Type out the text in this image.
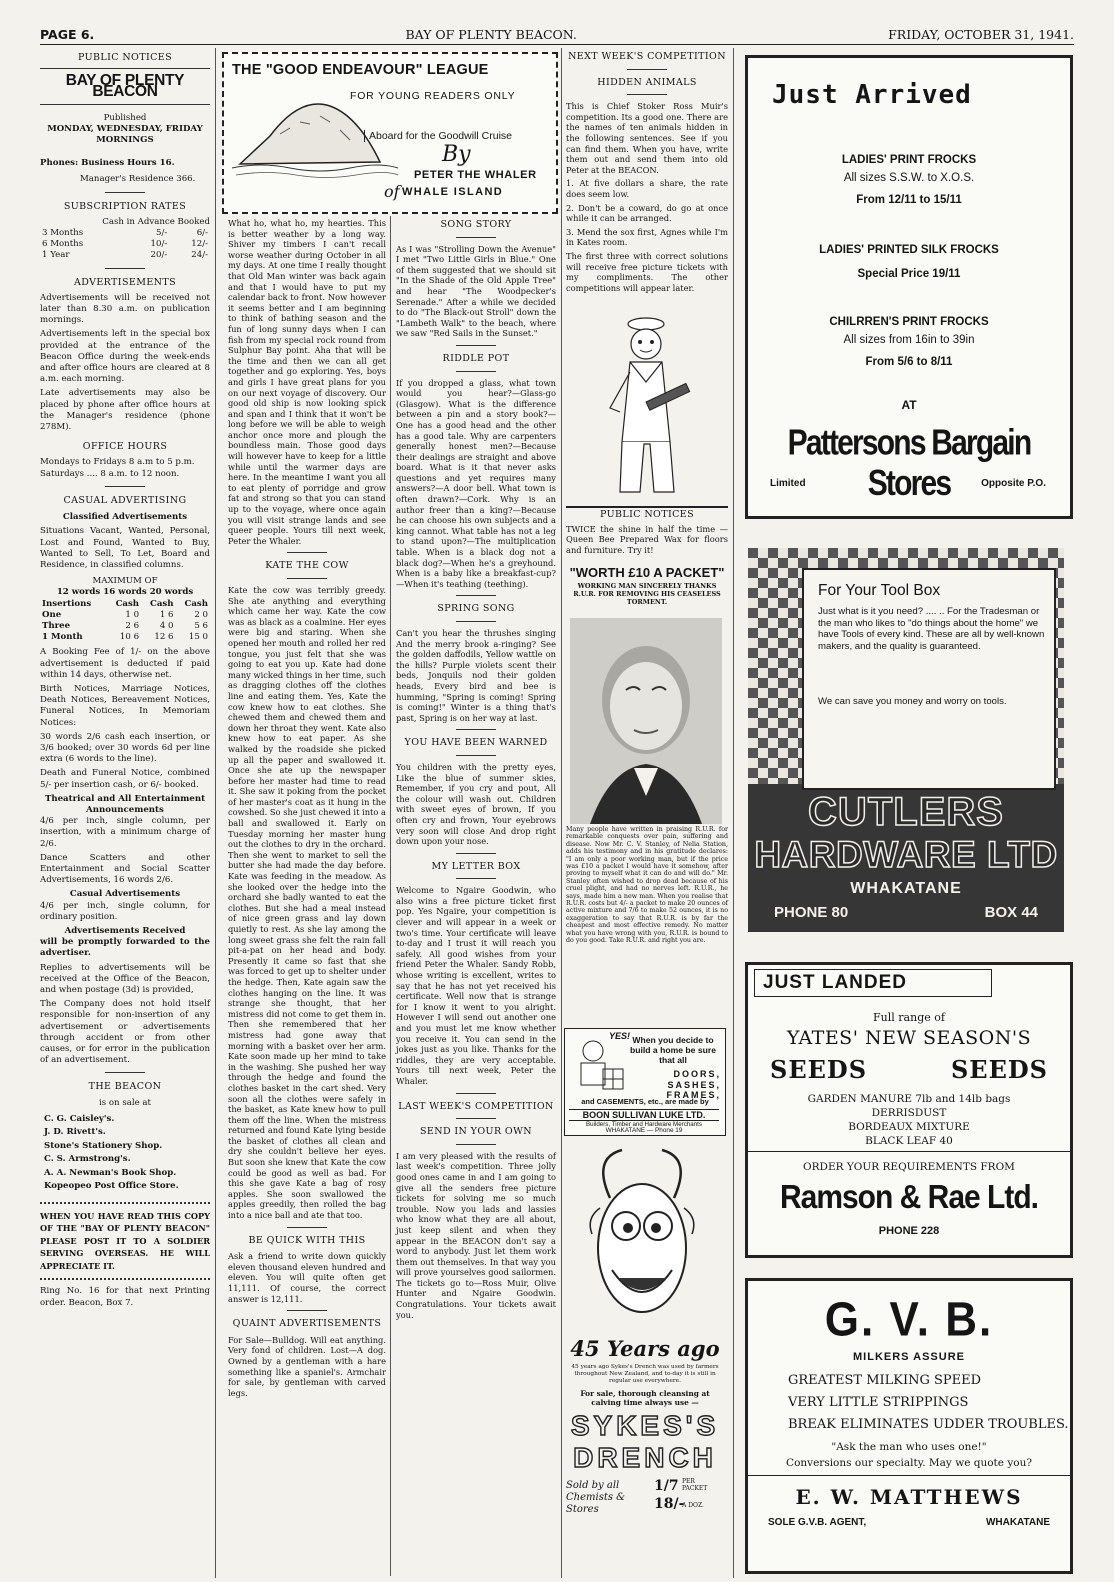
PAGE 6.	BAY OF PLENTY BEACON.	FRIDAY, OCTOBER 31, 1941.
PUBLIC NOTICES
BAY OF PLENTY BEACON
Published
MONDAY, WEDNESDAY, FRIDAY
MORNINGS
Phones: Business Hours 16.
Manager's Residence 366.
SUBSCRIPTION RATES
Cash in Advance Booked
3 Months	5/-	6/-
6 Months	10/-	12/-
1 Year	20/-	24/-
ADVERTISEMENTS

Advertisements will be received not later than 8.30 a.m. on publication mornings.

Advertisements left in the special box provided at the entrance of the Beacon Office during the week-ends and after office hours are cleared at 8 a.m. each morning.

Late advertisements may also be placed by phone after office hours at the Manager's residence (phone 278M).

OFFICE HOURS
Mondays to Fridays 8 a.m to 5 p.m.
Saturdays .... 8 a.m. to 12 noon.
CASUAL ADVERTISING
Classified Advertisements

Situations Vacant, Wanted, Personal, Lost and Found, Wanted to Buy, Wanted to Sell, To Let, Board and Residence, in classified columns.

MAXIMUM OF
12 words 16 words 20 words
Insertions	Cash	Cash	Cash
One	1 0	1 6	2 0
Three	2 6	4 0	5 6
1 Month	10 6	12 6	15 0

A Booking Fee of 1/- on the above advertisement is deducted if paid within 14 days, otherwise net.

Birth Notices, Marriage Notices, Death Notices, Bereavement Notices, Funeral Notices, In Memoriam Notices:

30 words 2/6 cash each insertion, or 3/6 booked; over 30 words 6d per line extra (6 words to the line).

Death and Funeral Notice, combined 5/- per insertion cash, or 6/- booked.

Theatrical and All Entertainment Announcements

4/6 per inch, single column, per insertion, with a minimum charge of 2/6.

Dance Scatters and other Entertainment and Social Scatter Advertisements, 16 words 2/6.

Casual Advertisements

4/6 per inch, single column, for ordinary position.

Advertisements Received

will be promptly forwarded to the advertiser.

Replies to advertisements will be received at the Office of the Beacon, and when postage (3d) is provided,

The Company does not hold itself responsible for non-insertion of any advertisement or advertisements through accident or from other causes, or for error in the publication of an advertisement.

THE BEACON
is on sale at
C. G. Caisley's.
J. D. Rivett's.
Stone's Stationery Shop.
C. S. Armstrong's.
A. A. Newman's Book Shop.
Kopeopeo Post Office Store.

WHEN YOU HAVE READ THIS COPY OF THE "BAY OF PLENTY BEACON" PLEASE POST IT TO A SOLDIER SERVING OVERSEAS. HE WILL APPRECIATE IT.

Ring No. 16 for that next Printing order. Beacon, Box 7.

THE "GOOD ENDEAVOUR" LEAGUE
FOR YOUNG READERS ONLY
Aboard for the Goodwill Cruise
By
PETER THE WHALER
of WHALE ISLAND

What ho, what ho, my hearties. This is better weather by a long way. Shiver my timbers I can't recall worse weather during October in all my days. At one time I really thought that Old Man winter was back again and that I would have to put my calendar back to front. Now however it seems better and I am beginning to think of bathing season and the fun of long sunny days when I can fish from my special rock round from Sulphur Bay point. Aha that will be the time and then we can all get together and go exploring. Yes, boys and girls I have great plans for you on our next voyage of discovery. Our good old ship is now looking spick and span and I think that it won't be long before we will be able to weigh anchor once more and plough the boundless main. Those good days will however have to keep for a little while until the warmer days are here. In the meantime I want you all to eat plenty of porridge and grow fat and strong so that you can stand up to the voyage, where once again you will visit strange lands and see queer people. Yours till next week, Peter the Whaler.

KATE THE COW

Kate the cow was terribly greedy. She ate anything and everything which came her way. Kate the cow was as black as a coalmine. Her eyes were big and staring. When she opened her mouth and rolled her red tongue, you just felt that she was going to eat you up. Kate had done many wicked things in her time, such as dragging clothes off the clothes line and eating them. Yes, Kate the cow knew how to eat clothes. She chewed them and chewed them and down her throat they went. Kate also knew how to eat paper. As she walked by the roadside she picked up all the paper and swallowed it. Once she ate up the newspaper before her master had time to read it. She saw it poking from the pocket of her master's coat as it hung in the cowshed. So she just chewed it into a ball and swallowed it. Early on Tuesday morning her master hung out the clothes to dry in the orchard. Then she went to market to sell the butter she had made the day before. Kate was feeding in the meadow. As she looked over the hedge into the orchard she badly wanted to eat the clothes. But she had a meal instead of nice green grass and lay down quietly to rest. As she lay among the long sweet grass she felt the rain fall pit-a-pat on her head and body. Presently it came so fast that she was forced to get up to shelter under the hedge. Then, Kate again saw the clothes hanging on the line. It was strange she thought, that her mistress did not come to get them in. Then she remembered that her mistress had gone away that morning with a basket over her arm. Kate soon made up her mind to take in the washing. She pushed her way through the hedge and found the clothes basket in the cart shed. Very soon all the clothes were safely in the basket, as Kate knew how to pull them off the line. When the mistress returned and found Kate lying beside the basket of clothes all clean and dry she couldn't believe her eyes. But soon she knew that Kate the cow could be good as well as bad. For this she gave Kate a bag of rosy apples. She soon swallowed the apples greedily, then rolled the bag into a nice ball and ate that too.

BE QUICK WITH THIS

Ask a friend to write down quickly eleven thousand eleven hundred and eleven. You will quite often get 11,111. Of course, the correct answer is 12,111.

QUAINT ADVERTISEMENTS

For Sale—Bulldog. Will eat anything. Very fond of children. Lost—A dog. Owned by a gentleman with a hare something like a spaniel's. Armchair for sale, by gentleman with carved legs.

SONG STORY

As I was "Strolling Down the Avenue" I met "Two Little Girls in Blue." One of them suggested that we should sit "In the Shade of the Old Apple Tree" and hear "The Woodpecker's Serenade." After a while we decided to do "The Black-out Stroll" down the "Lambeth Walk" to the beach, where we saw "Red Sails in the Sunset."

RIDDLE POT

If you dropped a glass, what town would you hear?—Glass-go (Glasgow). What is the difference between a pin and a story book?—One has a good head and the other has a good tale. Why are carpenters generally honest men?—Because their dealings are straight and above board. What is it that never asks questions and yet requires many answers?—A door bell. What town is often drawn?—Cork. Why is an author freer than a king?—Because he can choose his own subjects and a king cannot. What table has not a leg to stand upon?—The multiplication table. When is a black dog not a black dog?—When he's a greyhound. When is a baby like a breakfast-cup?—When it's teathing (teething).

SPRING SONG

Can't you hear the thrushes singing And the merry brook a-ringing? See the golden daffodils, Yellow wattle on the hills? Purple violets scent their beds, Jonquils nod their golden heads, Every bird and bee is humming, "Spring is coming! Spring is coming!" Winter is a thing that's past, Spring is on her way at last.

YOU HAVE BEEN WARNED

You children with the pretty eyes, Like the blue of summer skies, Remember, if you cry and pout, All the colour will wash out. Children with sweet eyes of brown, If you often cry and frown, Your eyebrows very soon will close And drop right down upon your nose.

MY LETTER BOX

Welcome to Ngaire Goodwin, who also wins a free picture ticket first pop. Yes Ngaire, your competition is clever and will appear in a week or two's time. Your certificate will leave to-day and I trust it will reach you safely. All good wishes from your friend Peter the Whaler. Sandy Robb, whose writing is excellent, writes to say that he has not yet received his certificate. Well now that is strange for I know it went to you alright. However I will send out another one and you must let me know whether you receive it. You can send in the jokes just as you like. Thanks for the riddles, they are very acceptable. Yours till next week, Peter the Whaler.

LAST WEEK'S COMPETITION
SEND IN YOUR OWN

I am very pleased with the results of last week's competition. Three jolly good ones came in and I am going to give all the senders free picture tickets for solving me so much trouble. Now you lads and lassies who know what they are all about, just keep silent and when they appear in the BEACON don't say a word to anybody. Just let them work them out themselves. In that way you will prove yourselves good sailormen. The tickets go to—Ross Muir, Olive Hunter and Ngaire Goodwin. Congratulations. Your tickets await you.

NEXT WEEK'S COMPETITION
HIDDEN ANIMALS

This is Chief Stoker Ross Muir's competition. Its a good one. There are the names of ten animals hidden in the following sentences. See if you can find them. When you have, write them out and send them into old Peter at the BEACON.

1. At five dollars a share, the rate does seem low.

2. Don't be a coward, do go at once while it can be arranged.

3. Mend the sox first, Agnes while I'm in Kates room.

The first three with correct solutions will receive free picture tickets with my compliments. The other competitions will appear later.

PUBLIC NOTICES

TWICE the shine in half the time —Queen Bee Prepared Wax for floors and furniture. Try it!

"WORTH £10 A PACKET"
WORKING MAN SINCERELY THANKS R.U.R. FOR REMOVING HIS CEASELESS TORMENT.

Many people have written in praising R.U.R. for remarkable conquests over pain, suffering and disease. Now Mr. C. V. Stanley, of Nelia Station, adds his testimony and in his gratitude declares: "I am only a poor working man, but if the price was £10 a packet I would have it somehow, after proving to myself what it can do and will do." Mr. Stanley often wished to drop dead because of his cruel plight, and had no nerves left. R.U.R., he says, made him a new man. When you realise that R.U.R. costs but 4/- a packet to make 20 ounces of active mixture and 7/6 to make 52 ounces, it is no exaggeration to say that R.U.R. is by far the cheapest and most effective remedy. No matter what you have wrong with you, R.U.R. is bound to do you good. Take R.U.R. and right you are.

YES! When you decide to build a home be sure that all
DOORS, SASHES, FRAMES,
and CASEMENTS, etc., are made by
BOON SULLIVAN LUKE LTD.
Builders, Timber and Hardware Merchants
WHAKATANE — Phone 19
45 Years ago
45 years ago Sykes's Drench was used by farmers throughout New Zealand, and to-day it is still in regular use everywhere.
For sale, thorough cleansing at calving time always use —
SYKES'S
DRENCH
Sold by all Chemists & Stores
1/7 PER PACKET
18/-
A DOZ.
Just Arrived
LADIES' PRINT FROCKS
All sizes S.S.W. to X.O.S.
From 12/11 to 15/11
LADIES' PRINTED SILK FROCKS
Special Price 19/11
CHILRREN'S PRINT FROCKS
All sizes from 16in to 39in
From 5/6 to 8/11
AT
Pattersons Bargain Stores
Limited	Opposite P.O.
For Your Tool Box
Just what is it you need? .... .. For the Tradesman or the man who likes to "do things about the home" we have Tools of every kind. These are all by well-known makers, and the quality is guaranteed.
We can save you money and worry on tools.
CUTLERS
HARDWARE LTD
WHAKATANE
PHONE 80	BOX 44
JUST LANDED
Full range of
YATES' NEW SEASON'S
SEEDS	SEEDS
GARDEN MANURE 7lb and 14lb bags
DERRISDUST
BORDEAUX MIXTURE
BLACK LEAF 40
ORDER YOUR REQUIREMENTS FROM
Ramson & Rae Ltd.
PHONE 228
G. V. B.
MILKERS ASSURE
GREATEST MILKING SPEED
VERY LITTLE STRIPPINGS
BREAK ELIMINATES UDDER TROUBLES.
"Ask the man who uses one!"
Conversions our specialty. May we quote you?
E. W. MATTHEWS
SOLE G.V.B. AGENT,	WHAKATANE
